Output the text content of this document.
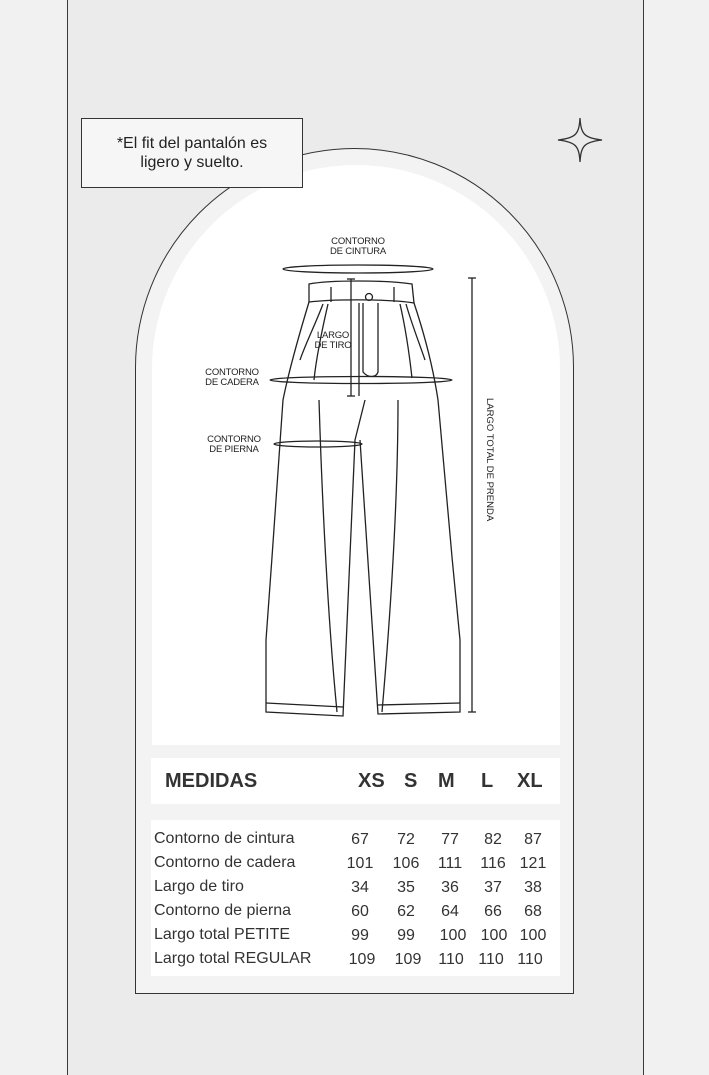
*El fit del pantalón es
ligero y suelto.
CONTORNO
DE CINTURA
LARGO
DE TIRO
CONTORNO
DE CADERA
CONTORNO
DE PIERNA	LARGO TOTAL DE PRENDA
MEDIDAS	XS S M L XL
Contorno de cintura	67	72	77	82	87
Contorno de cadera	101	106	111	116 121
Largo de tiro	34	35	36	37	38
Contorno de pierna	60	62	64	66	68
Largo total PETITE	99	99	100 100 100
Largo total REGULAR	109	109	110 110 110
